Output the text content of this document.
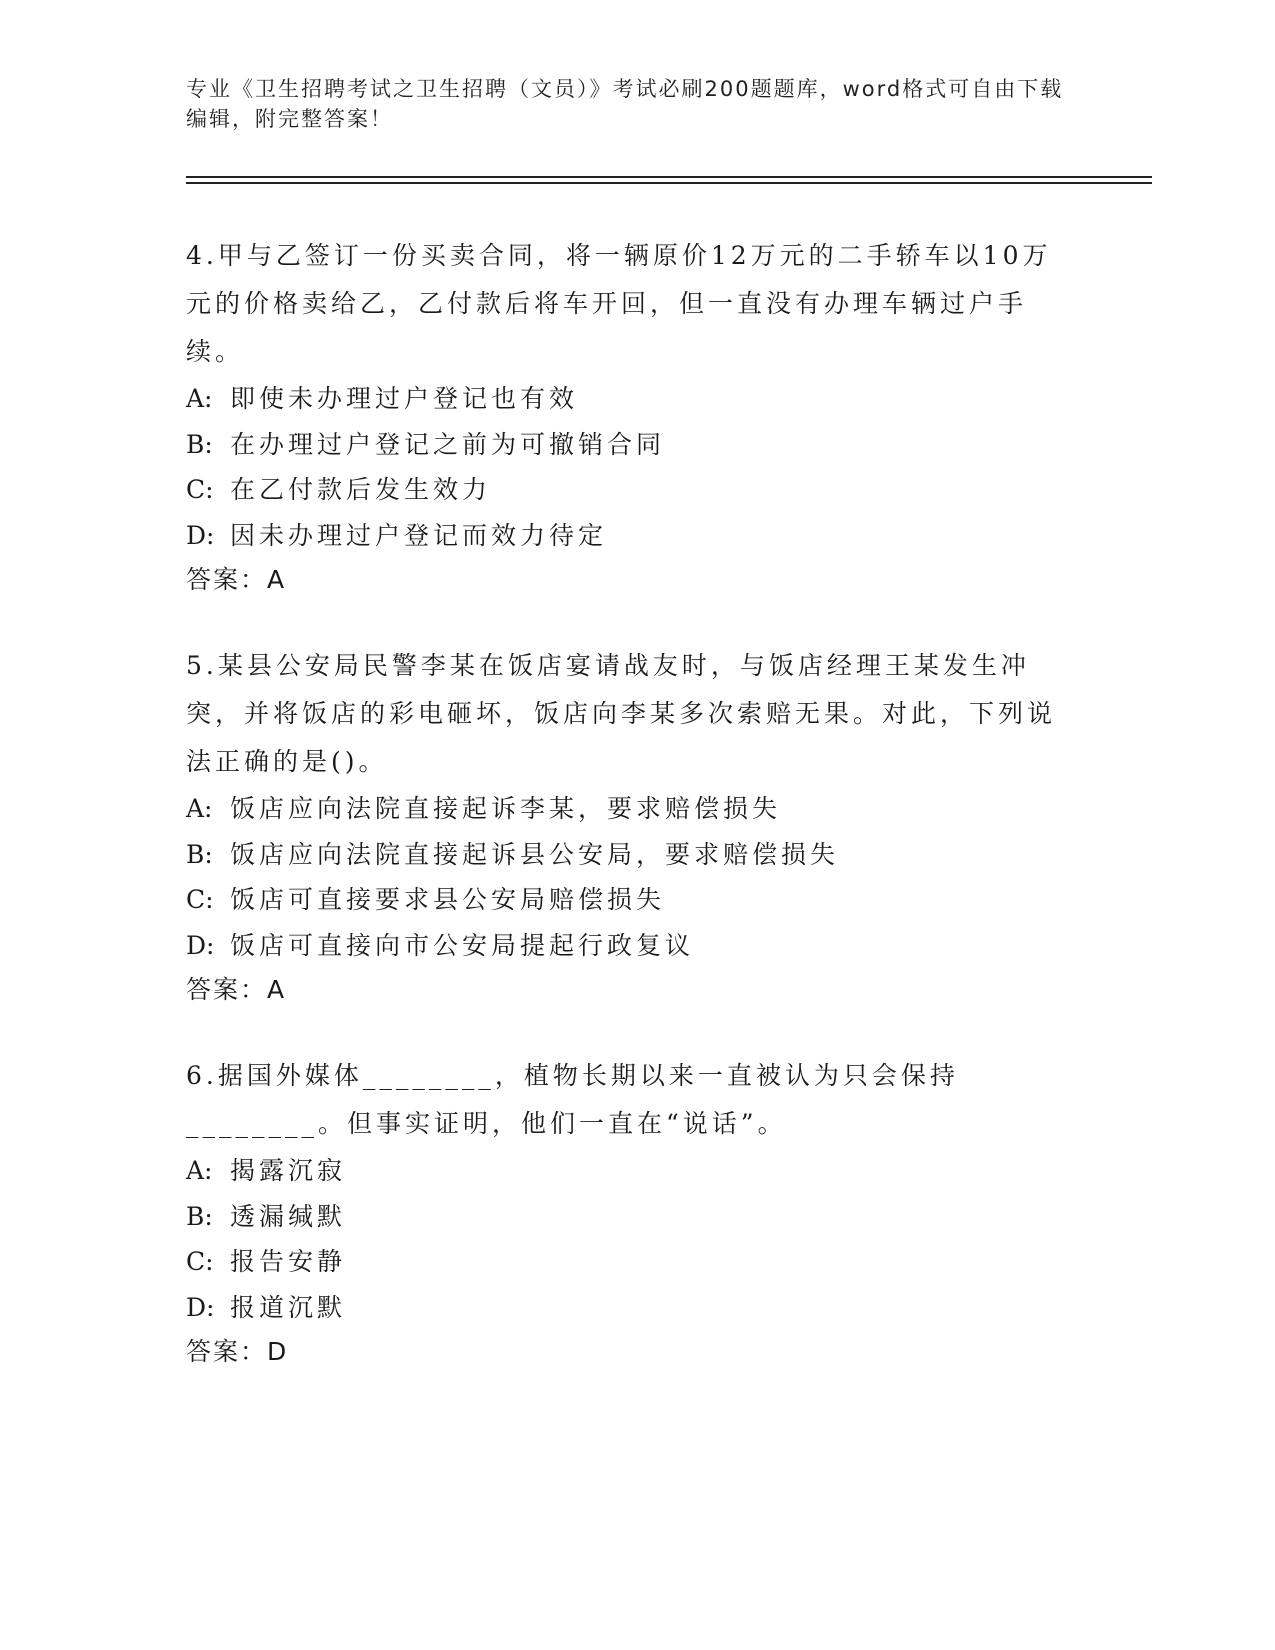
专业《卫生招聘考试之卫生招聘（文员）》考试必刷200题题库，word格式可自由下载编辑，附完整答案！

4.甲与乙签订一份买卖合同，将一辆原价12万元的二手轿车以10万元的价格卖给乙，乙付款后将车开回，但一直没有办理车辆过户手续。

A: 即使未办理过户登记也有效

B: 在办理过户登记之前为可撤销合同

C: 在乙付款后发生效力

D: 因未办理过户登记而效力待定

答案：A

5.某县公安局民警李某在饭店宴请战友时，与饭店经理王某发生冲突，并将饭店的彩电砸坏，饭店向李某多次索赔无果。对此，下列说法正确的是()。

A: 饭店应向法院直接起诉李某，要求赔偿损失

B: 饭店应向法院直接起诉县公安局，要求赔偿损失

C: 饭店可直接要求县公安局赔偿损失

D: 饭店可直接向市公安局提起行政复议

答案：A

6.据国外媒体________，植物长期以来一直被认为只会保持________。但事实证明，他们一直在“说话”。

A: 揭露沉寂

B: 透漏缄默

C: 报告安静

D: 报道沉默

答案：D
